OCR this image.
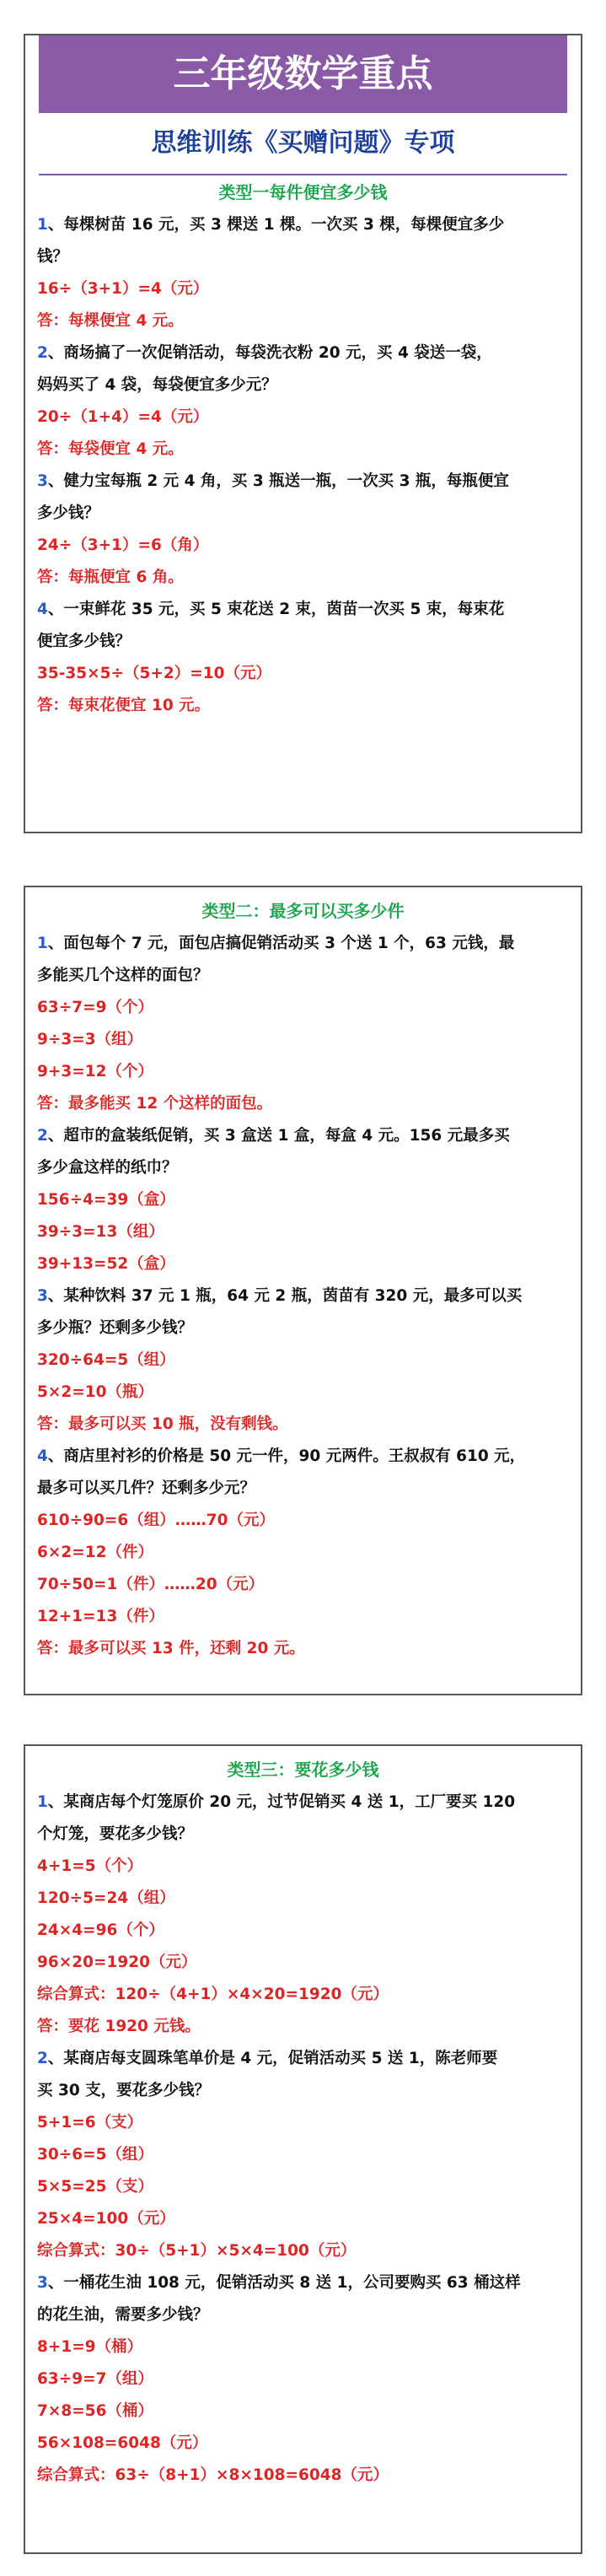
三年级数学重点
思维训练《买赠问题》专项
类型一每件便宜多少钱
1、每棵树苗 16 元，买 3 棵送 1 棵。一次买 3 棵，每棵便宜多少
钱？
16÷（3+1）=4（元）
答：每棵便宜 4 元。
2、商场搞了一次促销活动，每袋洗衣粉 20 元，买 4 袋送一袋，
妈妈买了 4 袋，每袋便宜多少元？
20÷（1+4）=4（元）
答：每袋便宜 4 元。
3、健力宝每瓶 2 元 4 角，买 3 瓶送一瓶，一次买 3 瓶，每瓶便宜
多少钱？
24÷（3+1）=6（角）
答：每瓶便宜 6 角。
4、一束鲜花 35 元，买 5 束花送 2 束，茵苗一次买 5 束，每束花
便宜多少钱？
35-35×5÷（5+2）=10（元）
答：每束花便宜 10 元。
类型二：最多可以买多少件
1、面包每个 7 元，面包店搞促销活动买 3 个送 1 个，63 元钱，最
多能买几个这样的面包？
63÷7=9（个）
9÷3=3（组）
9+3=12（个）
答：最多能买 12 个这样的面包。
2、超市的盒装纸促销，买 3 盒送 1 盒，每盒 4 元。156 元最多买
多少盒这样的纸巾？
156÷4=39（盒）
39÷3=13（组）
39+13=52（盒）
3、某种饮料 37 元 1 瓶，64 元 2 瓶，茵苗有 320 元，最多可以买
多少瓶？还剩多少钱？
320÷64=5（组）
5×2=10（瓶）
答：最多可以买 10 瓶，没有剩钱。
4、商店里衬衫的价格是 50 元一件，90 元两件。王叔叔有 610 元，
最多可以买几件？还剩多少元？
610÷90=6（组）……70（元）
6×2=12（件）
70÷50=1（件）……20（元）
12+1=13（件）
答：最多可以买 13 件，还剩 20 元。
类型三：要花多少钱
1、某商店每个灯笼原价 20 元，过节促销买 4 送 1，工厂要买 120
个灯笼，要花多少钱？
4+1=5（个）
120÷5=24（组）
24×4=96（个）
96×20=1920（元）
综合算式：120÷（4+1）×4×20=1920（元）
答：要花 1920 元钱。
2、某商店每支圆珠笔单价是 4 元，促销活动买 5 送 1，陈老师要
买 30 支，要花多少钱？
5+1=6（支）
30÷6=5（组）
5×5=25（支）
25×4=100（元）
综合算式：30÷（5+1）×5×4=100（元）
3、一桶花生油 108 元，促销活动买 8 送 1，公司要购买 63 桶这样
的花生油，需要多少钱？
8+1=9（桶）
63÷9=7（组）
7×8=56（桶）
56×108=6048（元）
综合算式：63÷（8+1）×8×108=6048（元）
